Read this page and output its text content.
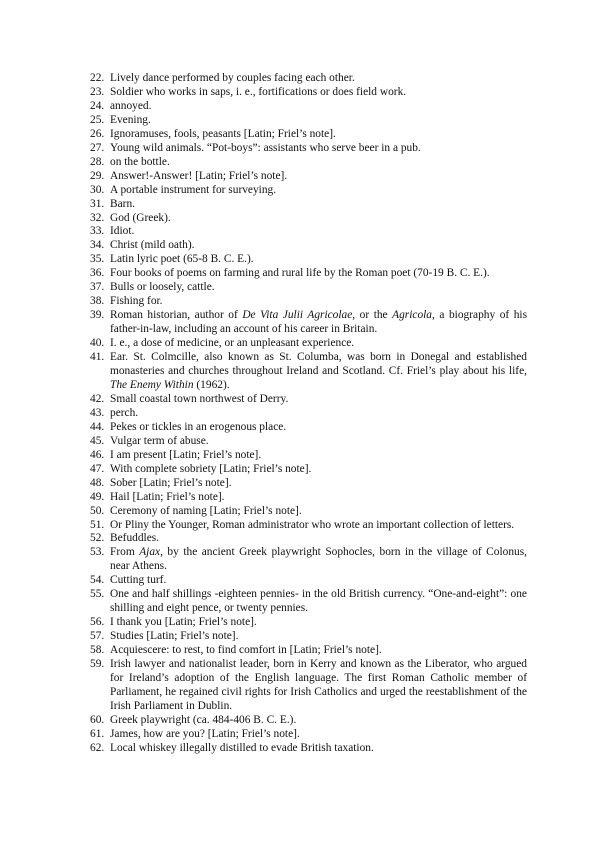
22. Lively dance performed by couples facing each other.
23. Soldier who works in saps, i. e., fortifications or does field work.
24. annoyed.
25. Evening.
26. Ignoramuses, fools, peasants [Latin; Friel’s note].
27. Young wild animals. “Pot-boys”: assistants who serve beer in a pub.
28. on the bottle.
29. Answer!-Answer! [Latin; Friel’s note].
30. A portable instrument for surveying.
31. Barn.
32. God (Greek).
33. Idiot.
34. Christ (mild oath).
35. Latin lyric poet (65-8 B. C. E.).
36. Four books of poems on farming and rural life by the Roman poet (70-19 B. C. E.).
37. Bulls or loosely, cattle.
38. Fishing for.
39. Roman historian, author of De Vita Julii Agricolae, or the Agricola, a biography of his father-in-law, including an account of his career in Britain.
40. I. e., a dose of medicine, or an unpleasant experience.
41. Ear. St. Colmcille, also known as St. Columba, was born in Donegal and established monasteries and churches throughout Ireland and Scotland. Cf. Friel’s play about his life, The Enemy Within (1962).
42. Small coastal town northwest of Derry.
43. perch.
44. Pekes or tickles in an erogenous place.
45. Vulgar term of abuse.
46. I am present [Latin; Friel’s note].
47. With complete sobriety [Latin; Friel’s note].
48. Sober [Latin; Friel’s note].
49. Hail [Latin; Friel’s note].
50. Ceremony of naming [Latin; Friel’s note].
51. Or Pliny the Younger, Roman administrator who wrote an important collection of letters.
52. Befuddles.
53. From Ajax, by the ancient Greek playwright Sophocles, born in the village of Colonus, near Athens.
54. Cutting turf.
55. One and half shillings -eighteen pennies- in the old British currency. “One-and-eight”: one shilling and eight pence, or twenty pennies.
56. I thank you [Latin; Friel’s note].
57. Studies [Latin; Friel’s note].
58. Acquiescere: to rest, to find comfort in [Latin; Friel’s note].
59. Irish lawyer and nationalist leader, born in Kerry and known as the Liberator, who argued for Ireland’s adoption of the English language. The first Roman Catholic member of Parliament, he regained civil rights for Irish Catholics and urged the reestablishment of the Irish Parliament in Dublin.
60. Greek playwright (ca. 484-406 B. C. E.).
61. James, how are you? [Latin; Friel’s note].
62. Local whiskey illegally distilled to evade British taxation.
